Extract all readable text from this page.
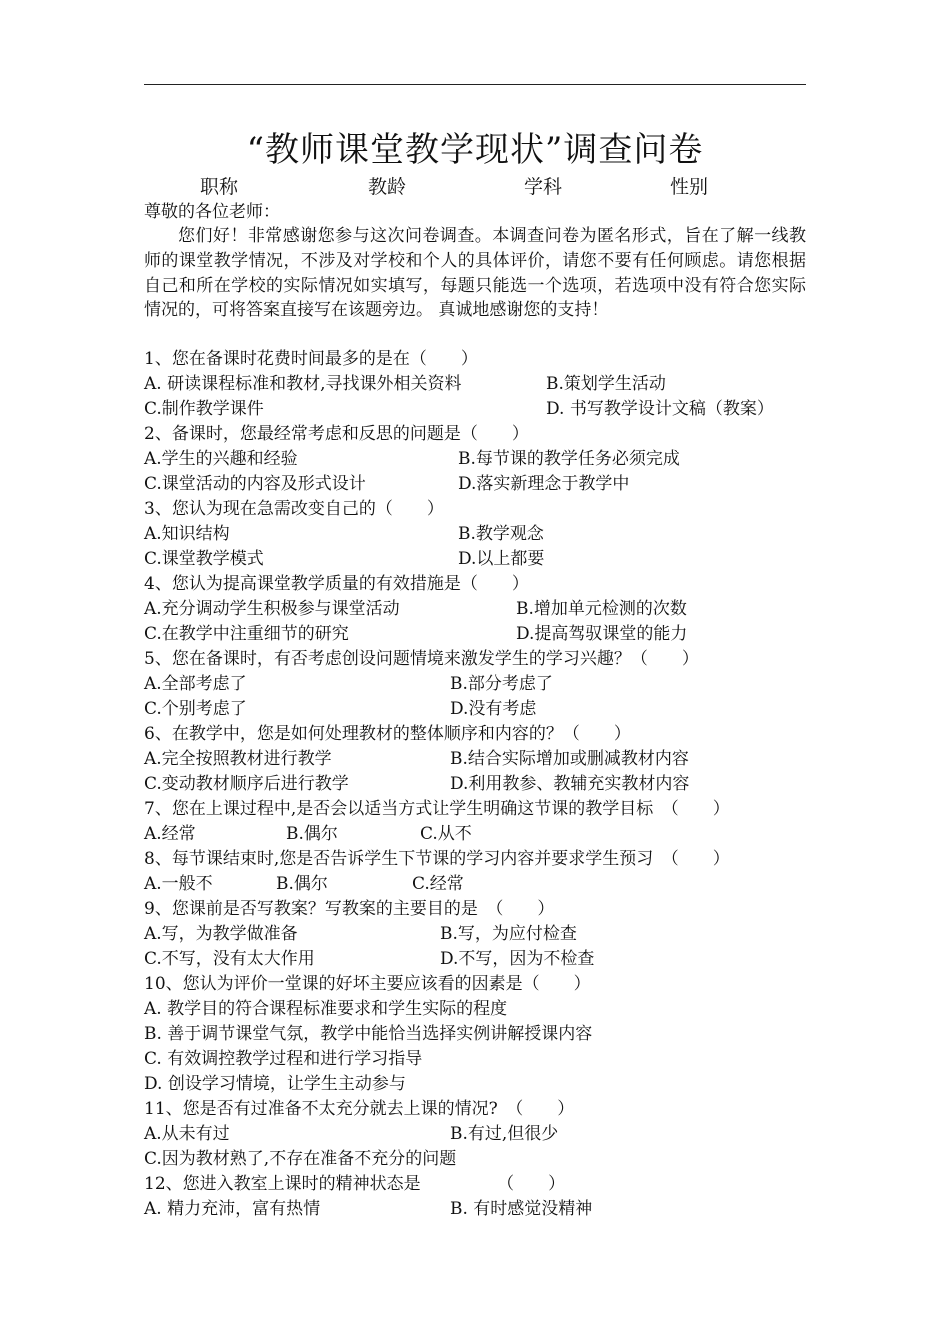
“教师课堂教学现状”调查问卷
职称	教龄	学科	性别
尊敬的各位老师：
您们好！非常感谢您参与这次问卷调查。本调查问卷为匿名形式，旨在了解一线教师的课堂教学情况，不涉及对学校和个人的具体评价，请您不要有任何顾虑。请您根据自己和所在学校的实际情况如实填写，每题只能选一个选项，若选项中没有符合您实际情况的，可将答案直接写在该题旁边。 真诚地感谢您的支持！
1、您在备课时花费时间最多的是在（　　）
A. 研读课程标准和教材,寻找课外相关资料	B.策划学生活动
C.制作教学课件	D. 书写教学设计文稿（教案）
2、备课时，您最经常考虑和反思的问题是（　　）
A.学生的兴趣和经验	B.每节课的教学任务必须完成
C.课堂活动的内容及形式设计	D.落实新理念于教学中
3、您认为现在急需改变自己的（　　）
A.知识结构	B.教学观念
C.课堂教学模式	D.以上都要
4、您认为提高课堂教学质量的有效措施是（　　）
A.充分调动学生积极参与课堂活动	B.增加单元检测的次数
C.在教学中注重细节的研究	D.提高驾驭课堂的能力
5、您在备课时，有否考虑创设问题情境来激发学生的学习兴趣？（　　）
A.全部考虑了	B.部分考虑了
C.个别考虑了	D.没有考虑
6、在教学中，您是如何处理教材的整体顺序和内容的？（　　）
A.完全按照教材进行教学	B.结合实际增加或删减教材内容
C.变动教材顺序后进行教学	D.利用教参、教辅充实教材内容
7、您在上课过程中,是否会以适当方式让学生明确这节课的教学目标　（　　）
A.经常	B.偶尔	C.从不
8、每节课结束时,您是否告诉学生下节课的学习内容并要求学生预习　（　　）
A.一般不	B.偶尔	C.经常
9、您课前是否写教案？写教案的主要目的是　（　　）
A.写，为教学做准备	B.写，为应付检查
C.不写，没有太大作用	D.不写，因为不检查
10、您认为评价一堂课的好坏主要应该看的因素是（　　）
A. 教学目的符合课程标准要求和学生实际的程度
B. 善于调节课堂气氛，教学中能恰当选择实例讲解授课内容
C. 有效调控教学过程和进行学习指导
D. 创设学习情境，让学生主动参与
11、您是否有过准备不太充分就去上课的情况?　（　　）
A.从未有过	B.有过,但很少
C.因为教材熟了,不存在准备不充分的问题
12、您进入教室上课时的精神状态是　　　　　（　　）
A. 精力充沛，富有热情	B. 有时感觉没精神
